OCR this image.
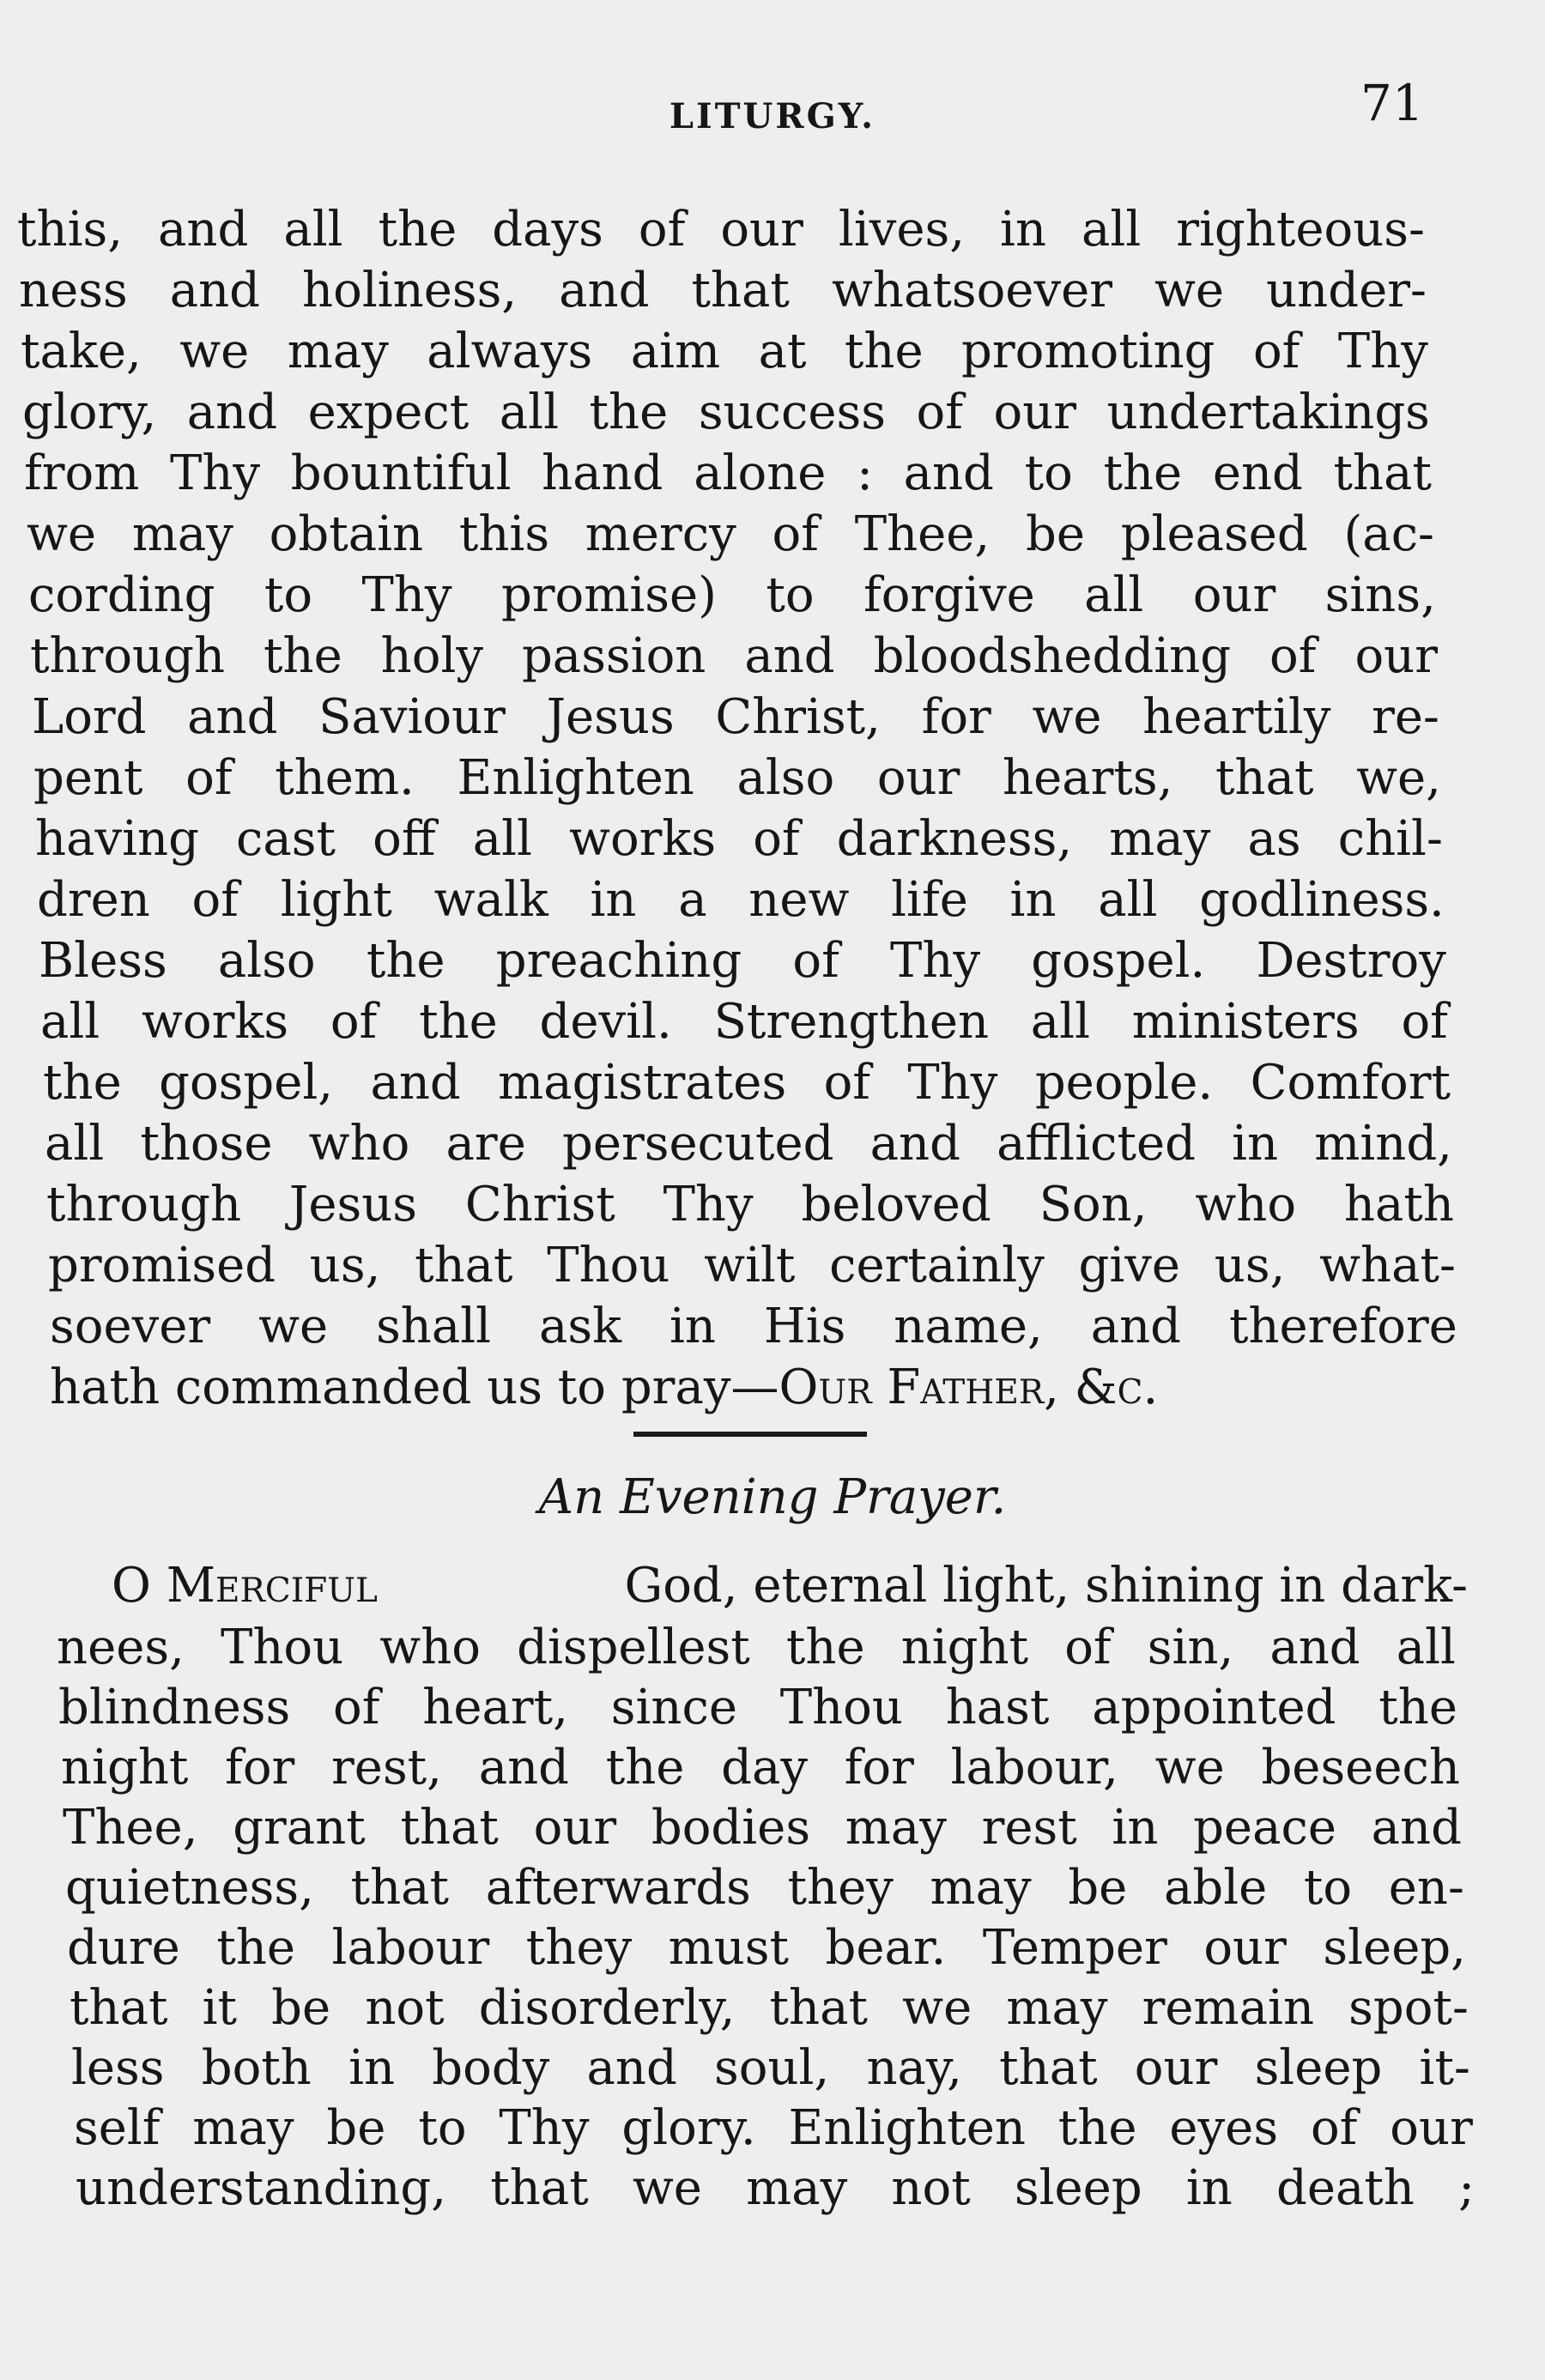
LITURGY.	71
this, and all the days of our lives, in all righteous-
ness and holiness, and that whatsoever we under-
take, we may always aim at the promoting of Thy
glory, and expect all the success of our undertakings
from Thy bountiful hand alone : and to the end that
we may obtain this mercy of Thee, be pleased (ac-
cording to Thy promise) to forgive all our sins,
through the holy passion and bloodshedding of our
Lord and Saviour Jesus Christ, for we heartily re-
pent of them. Enlighten also our hearts, that we,
having cast off all works of darkness, may as chil-
dren of light walk in a new life in all godliness.
Bless also the preaching of Thy gospel. Destroy
all works of the devil. Strengthen all ministers of
the gospel, and magistrates of Thy people. Comfort
all those who are persecuted and afflicted in mind,
through Jesus Christ Thy beloved Son, who hath
promised us, that Thou wilt certainly give us, what-
soever we shall ask in His name, and therefore
hath commanded us to pray— Our Father, &c.
An Evening Prayer.
O Merciful	God, eternal light, shining in dark-
nees, Thou who dispellest the night of sin, and all
blindness of heart, since Thou hast appointed the
night for rest, and the day for labour, we beseech
Thee, grant that our bodies may rest in peace and
quietness, that afterwards they may be able to en-
dure the labour they must bear. Temper our sleep,
that it be not disorderly, that we may remain spot-
less both in body and soul, nay, that our sleep it-
self may be to Thy glory. Enlighten the eyes of our
understanding, that we may not sleep in death ;
